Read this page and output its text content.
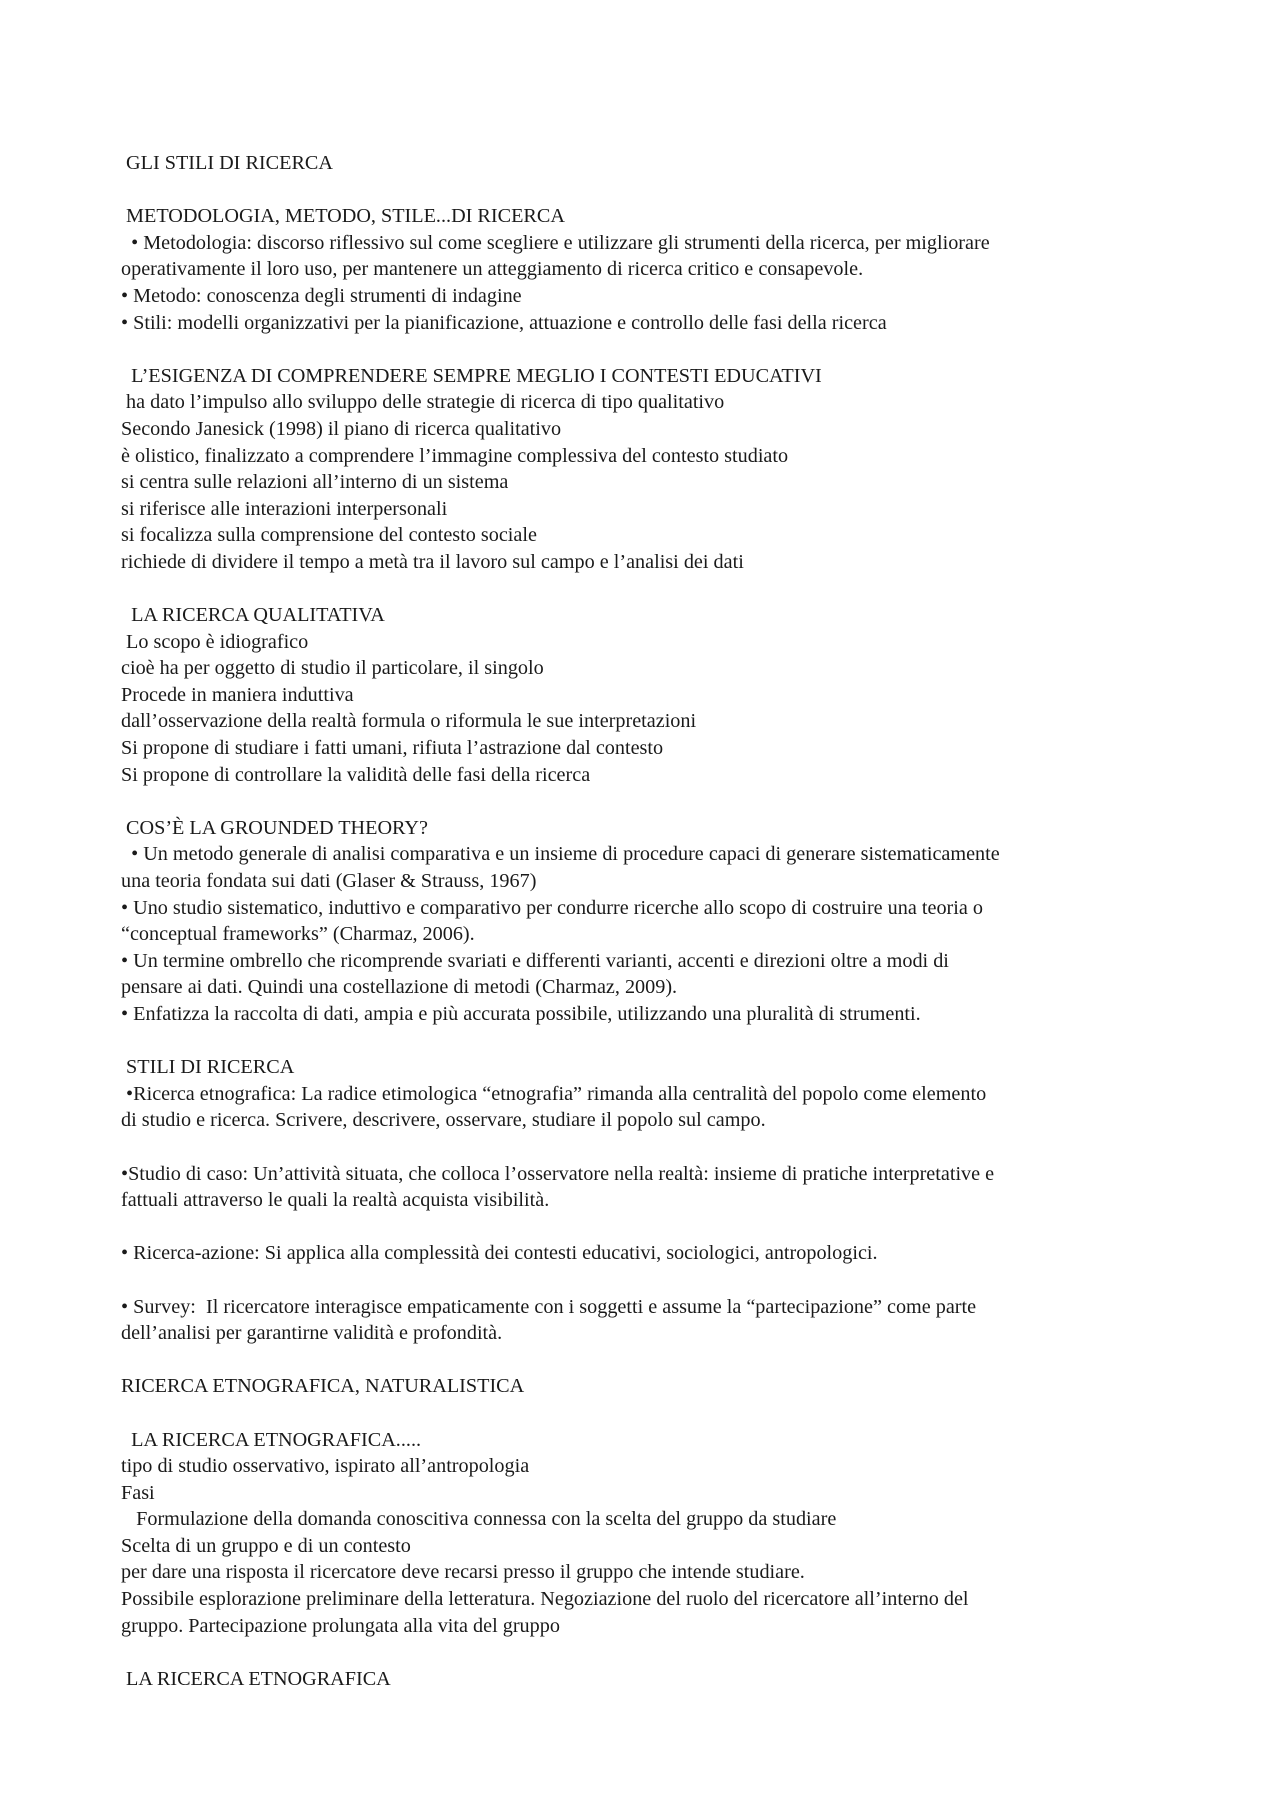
GLI STILI DI RICERCA
METODOLOGIA, METODO, STILE...DI RICERCA
• Metodologia: discorso riflessivo sul come scegliere e utilizzare gli strumenti della ricerca, per migliorare
operativamente il loro uso, per mantenere un atteggiamento di ricerca critico e consapevole.
• Metodo: conoscenza degli strumenti di indagine
• Stili: modelli organizzativi per la pianificazione, attuazione e controllo delle fasi della ricerca
L’ESIGENZA DI COMPRENDERE SEMPRE MEGLIO I CONTESTI EDUCATIVI
ha dato l’impulso allo sviluppo delle strategie di ricerca di tipo qualitativo
Secondo Janesick (1998) il piano di ricerca qualitativo
è olistico, finalizzato a comprendere l’immagine complessiva del contesto studiato
si centra sulle relazioni all’interno di un sistema
si riferisce alle interazioni interpersonali
si focalizza sulla comprensione del contesto sociale
richiede di dividere il tempo a metà tra il lavoro sul campo e l’analisi dei dati
LA RICERCA QUALITATIVA
Lo scopo è idiografico
cioè ha per oggetto di studio il particolare, il singolo
Procede in maniera induttiva
dall’osservazione della realtà formula o riformula le sue interpretazioni
Si propone di studiare i fatti umani, rifiuta l’astrazione dal contesto
Si propone di controllare la validità delle fasi della ricerca
COS’È LA GROUNDED THEORY?
• Un metodo generale di analisi comparativa e un insieme di procedure capaci di generare sistematicamente
una teoria fondata sui dati (Glaser & Strauss, 1967)
• Uno studio sistematico, induttivo e comparativo per condurre ricerche allo scopo di costruire una teoria o
“conceptual frameworks” (Charmaz, 2006).
• Un termine ombrello che ricomprende svariati e differenti varianti, accenti e direzioni oltre a modi di
pensare ai dati. Quindi una costellazione di metodi (Charmaz, 2009).
• Enfatizza la raccolta di dati, ampia e più accurata possibile, utilizzando una pluralità di strumenti.
STILI DI RICERCA
•Ricerca etnografica: La radice etimologica “etnografia” rimanda alla centralità del popolo come elemento
di studio e ricerca. Scrivere, descrivere, osservare, studiare il popolo sul campo.
•Studio di caso: Un’attività situata, che colloca l’osservatore nella realtà: insieme di pratiche interpretative e
fattuali attraverso le quali la realtà acquista visibilità.
• Ricerca-azione: Si applica alla complessità dei contesti educativi, sociologici, antropologici.
• Survey:  Il ricercatore interagisce empaticamente con i soggetti e assume la “partecipazione” come parte
dell’analisi per garantirne validità e profondità.
RICERCA ETNOGRAFICA, NATURALISTICA
LA RICERCA ETNOGRAFICA.....
tipo di studio osservativo, ispirato all’antropologia
Fasi
Formulazione della domanda conoscitiva connessa con la scelta del gruppo da studiare
Scelta di un gruppo e di un contesto
per dare una risposta il ricercatore deve recarsi presso il gruppo che intende studiare.
Possibile esplorazione preliminare della letteratura. Negoziazione del ruolo del ricercatore all’interno del
gruppo. Partecipazione prolungata alla vita del gruppo
LA RICERCA ETNOGRAFICA
